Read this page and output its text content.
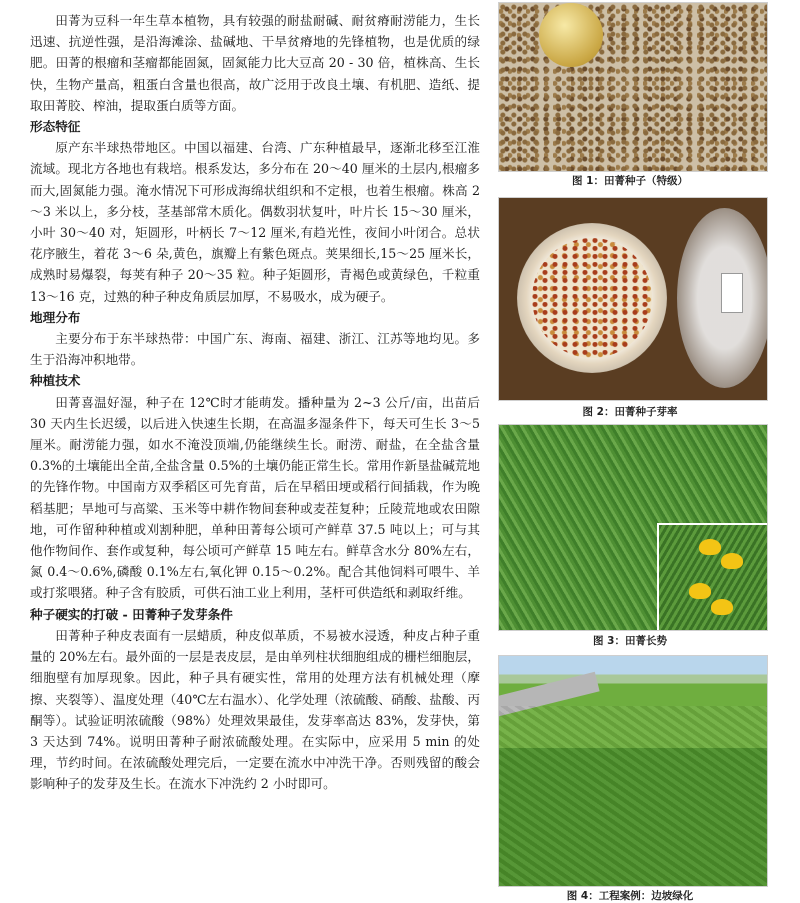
田菁为豆科一年生草本植物，具有较强的耐盐耐碱、耐贫瘠耐涝能力，生长迅速、抗逆性强，是沿海滩涂、盐碱地、干旱贫瘠地的先锋植物，也是优质的绿肥。田菁的根瘤和茎瘤都能固氮，固氮能力比大豆高 20 - 30 倍，植株高、生长快，生物产量高，粗蛋白含量也很高，故广泛用于改良土壤、有机肥、造纸、提取田菁胶、榨油，提取蛋白质等方面。

形态特征

原产东半球热带地区。中国以福建、台湾、广东种植最早，逐渐北移至江淮流域。现北方各地也有栽培。根系发达，多分布在 20～40 厘米的土层内,根瘤多而大,固氮能力强。淹水情况下可形成海绵状组织和不定根，也着生根瘤。株高 2～3 米以上，多分枝，茎基部常木质化。偶数羽状复叶，叶片长 15～30 厘米，小叶 30～40 对，矩圆形，叶柄长 7～12 厘米,有趋光性，夜间小叶闭合。总状花序腋生，着花 3～6 朵,黄色，旗瓣上有紫色斑点。荚果细长,15～25 厘米长，成熟时易爆裂，每荚有种子 20～35 粒。种子矩圆形，青褐色或黄绿色，千粒重 13～16 克，过熟的种子种皮角质层加厚，不易吸水，成为硬子。

地理分布

主要分布于东半球热带：中国广东、海南、福建、浙江、江苏等地均见。多生于沿海冲积地带。

种植技术

田菁喜温好湿，种子在 12℃时才能萌发。播种量为 2~3 公斤/亩，出苗后 30 天内生长迟缓，以后进入快速生长期，在高温多湿条件下，每天可生长 3～5 厘米。耐涝能力强，如水不淹没顶端,仍能继续生长。耐涝、耐盐，在全盐含量 0.3%的土壤能出全苗,全盐含量 0.5%的土壤仍能正常生长。常用作新垦盐碱荒地的先锋作物。中国南方双季稻区可先育苗，后在早稻田埂或稻行间插栽，作为晚稻基肥；旱地可与高粱、玉米等中耕作物间套种或麦茬复种；丘陵荒地或农田隙地，可作留种种植或刈割种肥，单种田菁每公顷可产鲜草 37.5 吨以上；可与其他作物间作、套作或复种，每公顷可产鲜草 15 吨左右。鲜草含水分 80%左右，氮 0.4～0.6%,磷酸 0.1%左右,氧化钾 0.15～0.2%。配合其他饲料可喂牛、羊或打浆喂猪。种子含有胶质，可供石油工业上利用，茎杆可供造纸和剥取纤维。

种子硬实的打破 - 田菁种子发芽条件

田菁种子种皮表面有一层蜡质，种皮似革质，不易被水浸透，种皮占种子重量的 20%左右。最外面的一层是表皮层，是由单列柱状细胞组成的栅栏细胞层，细胞壁有加厚现象。因此，种子具有硬实性，常用的处理方法有机械处理（摩擦、夹裂等）、温度处理（40℃左右温水）、化学处理（浓硫酸、硝酸、盐酸、丙酮等）。试验证明浓硫酸（98%）处理效果最佳，发芽率高达 83%，发芽快，第 3 天达到 74%。说明田菁种子耐浓硫酸处理。在实际中，应采用 5 min 的处理，节约时间。在浓硫酸处理完后，一定要在流水中冲洗干净。否则残留的酸会影响种子的发芽及生长。在流水下冲洗约 2 小时即可。

图 1：田菁种子（特级）
图 2：田菁种子芽率
图 3：田菁长势
图 4：工程案例：边坡绿化
